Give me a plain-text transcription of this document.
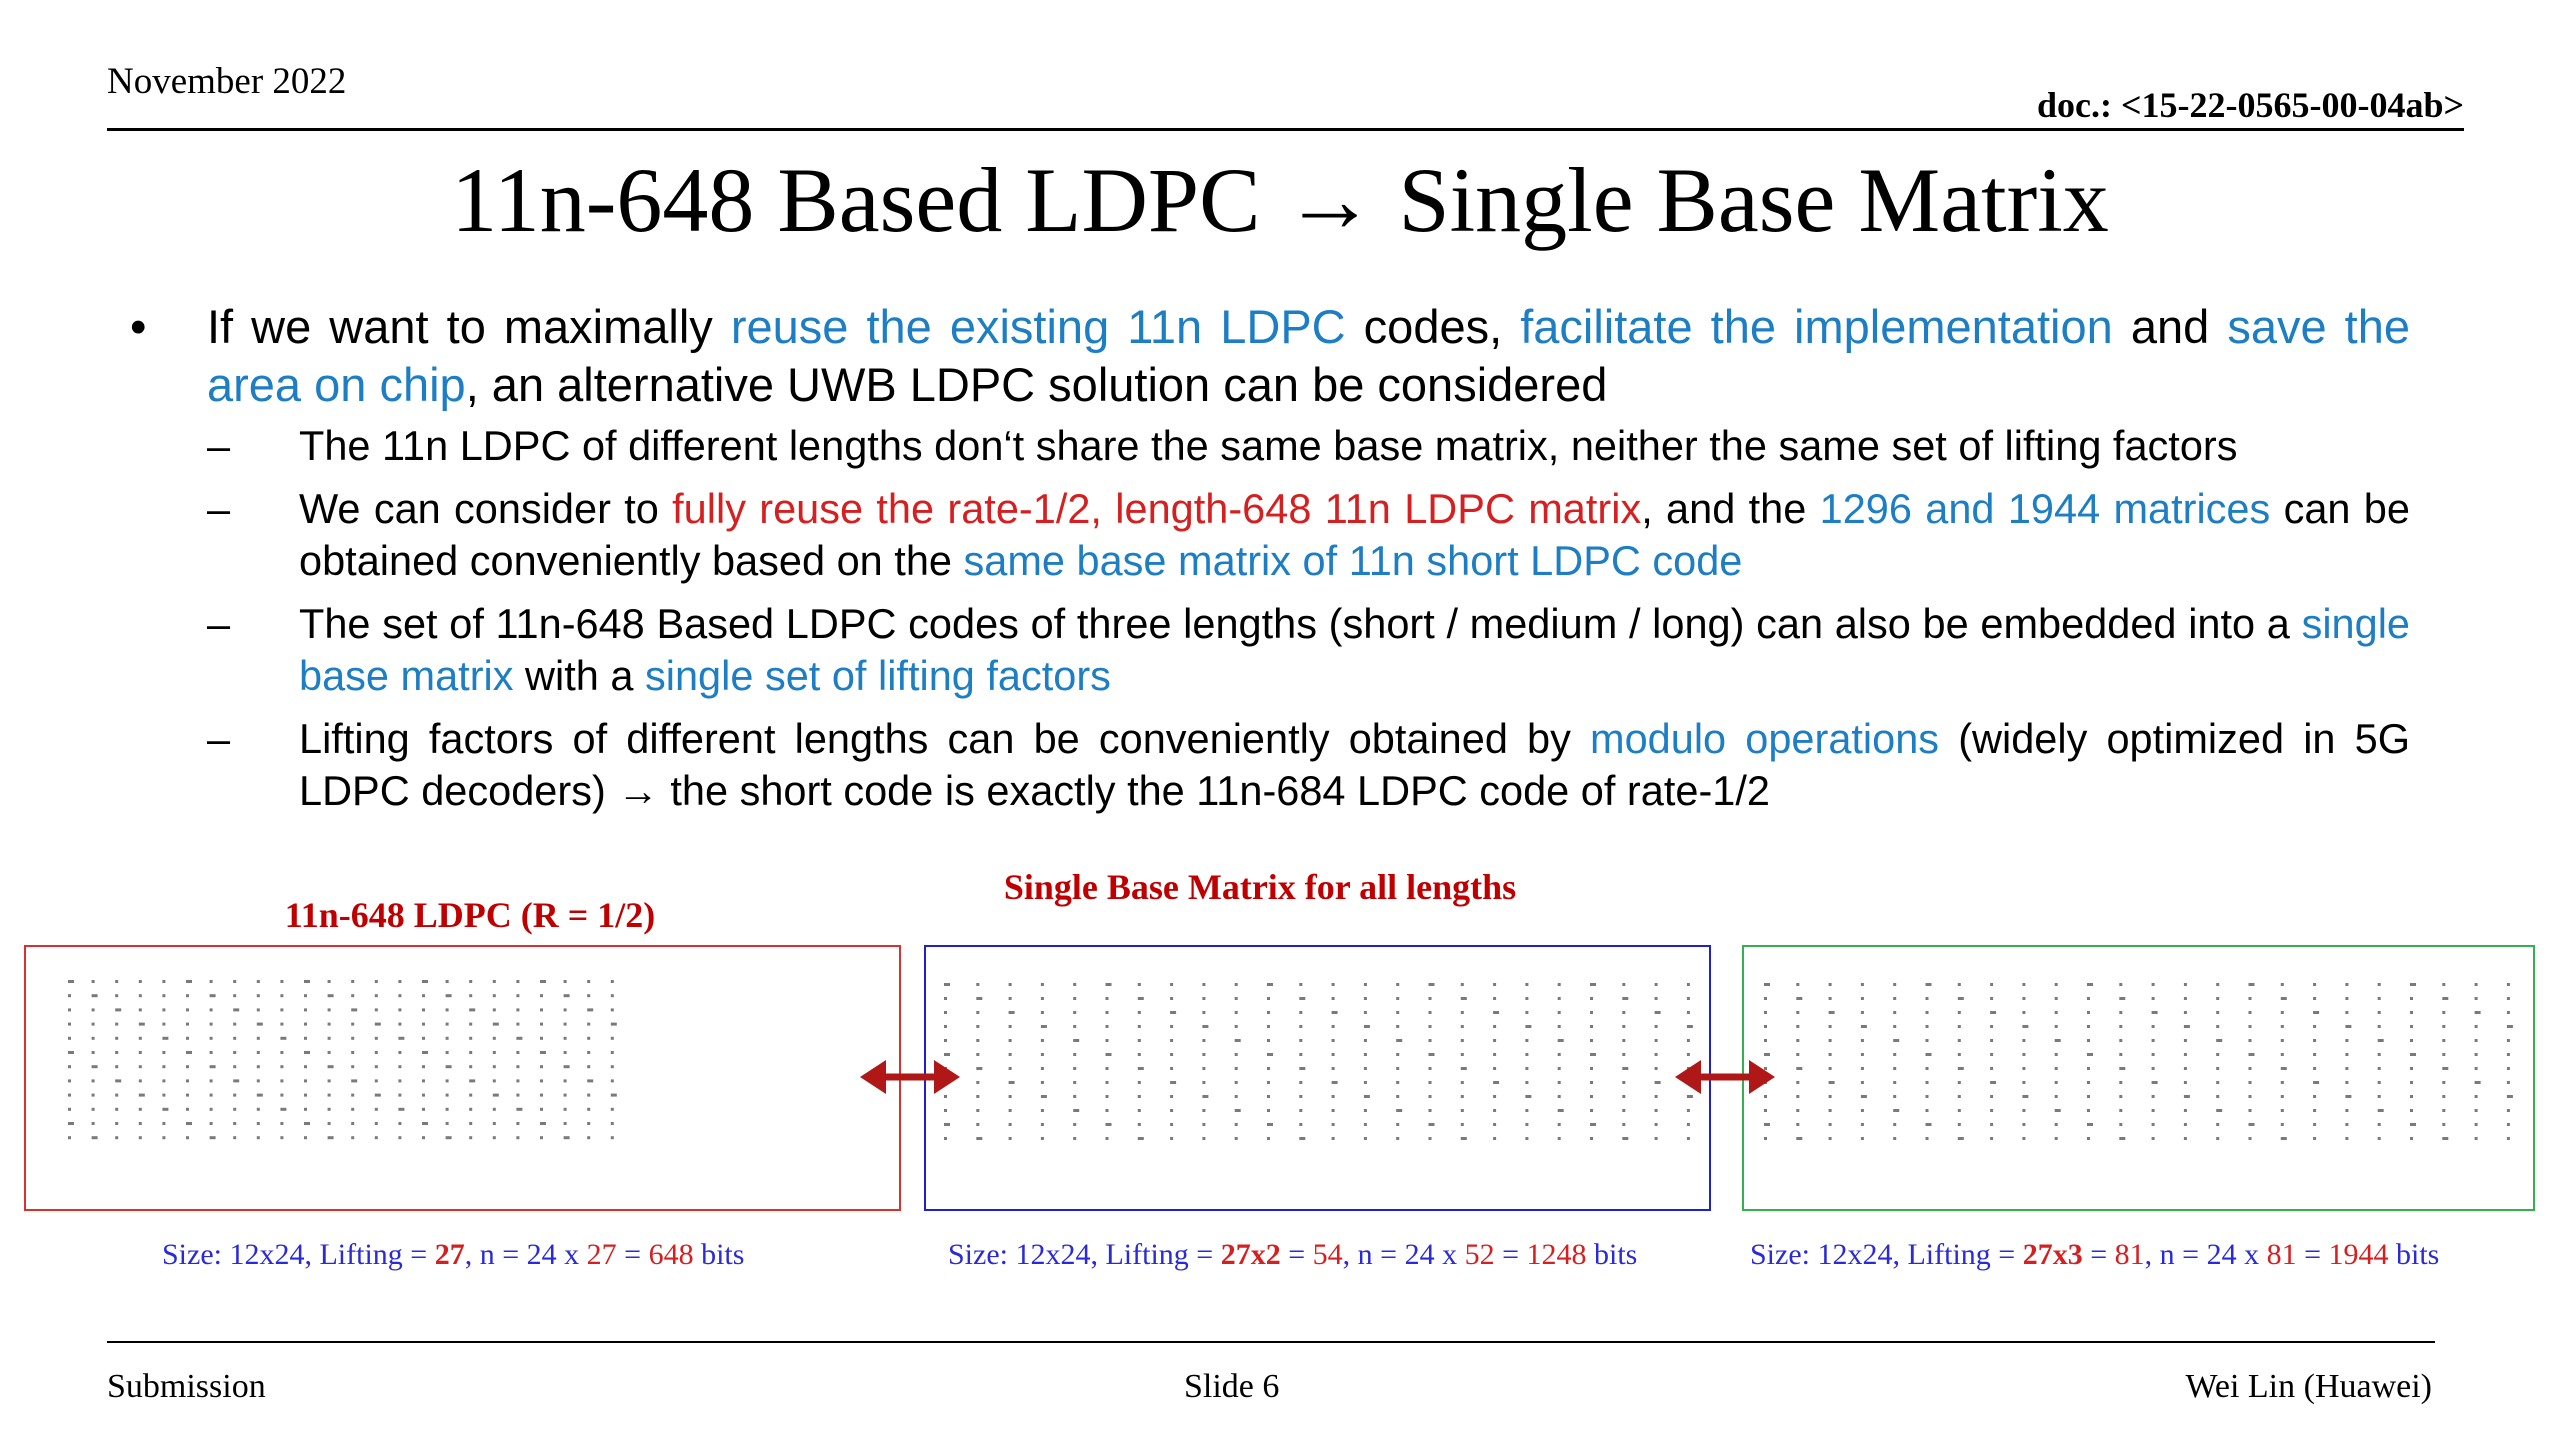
November 2022
doc.: <15-22-0565-00-04ab>
11n-648 Based LDPC → Single Base Matrix
• If we want to maximally reuse the existing 11n LDPC codes, facilitate the implementation and save the area on chip, an alternative UWB LDPC solution can be considered
– The 11n LDPC of different lengths don‘t share the same base matrix, neither the same set of lifting factors
– We can consider to fully reuse the rate-1/2, length-648 11n LDPC matrix, and the 1296 and 1944 matrices can be obtained conveniently based on the same base matrix of 11n short LDPC code
– The set of 11n-648 Based LDPC codes of three lengths (short / medium / long) can also be embedded into a single base matrix with a single set of lifting factors
– Lifting factors of different lengths can be conveniently obtained by modulo operations (widely optimized in 5G LDPC decoders) → the short code is exactly the 11n-684 LDPC code of rate-1/2
Single Base Matrix for all lengths
11n-648 LDPC (R = 1/2)
Size: 12x24, Lifting = 27, n = 24 x 27 = 648 bits	Size: 12x24, Lifting = 27x2 = 54, n = 24 x 52 = 1248 bits	Size: 12x24, Lifting = 27x3 = 81, n = 24 x 81 = 1944 bits
Submission	Slide 6	Wei Lin (Huawei)
